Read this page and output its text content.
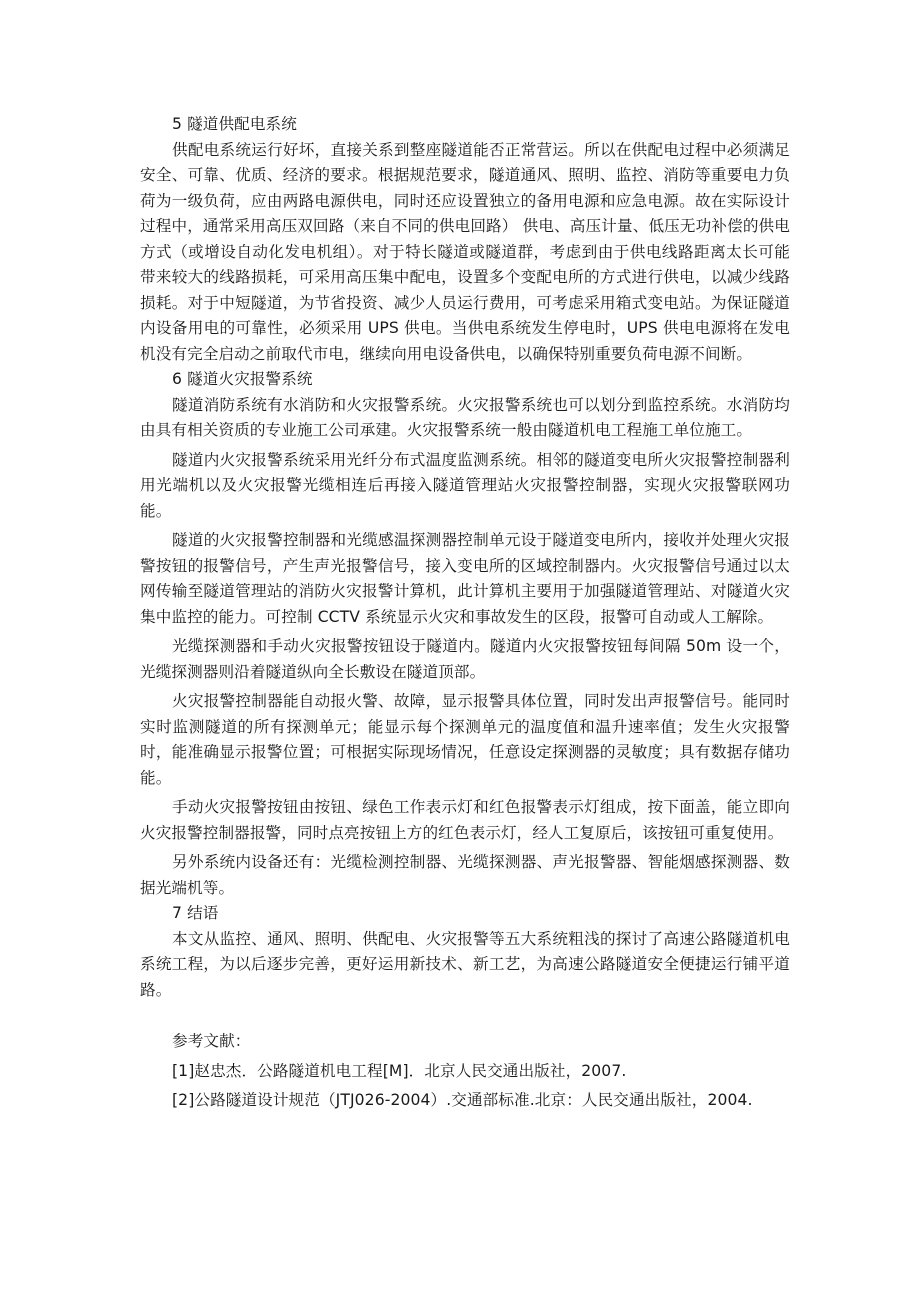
5 隧道供配电系统

供配电系统运行好坏，直接关系到整座隧道能否正常营运。所以在供配电过程中必须满足安全、可靠、优质、经济的要求。根据规范要求，隧道通风、照明、监控、消防等重要电力负荷为一级负荷，应由两路电源供电，同时还应设置独立的备用电源和应急电源。故在实际设计过程中，通常采用高压双回路（来自不同的供电回路） 供电、高压计量、低压无功补偿的供电方式（或增设自动化发电机组）。对于特长隧道或隧道群，考虑到由于供电线路距离太长可能带来较大的线路损耗，可采用高压集中配电，设置多个变配电所的方式进行供电，以减少线路损耗。对于中短隧道，为节省投资、减少人员运行费用，可考虑采用箱式变电站。为保证隧道内设备用电的可靠性，必须采用 UPS 供电。当供电系统发生停电时，UPS 供电电源将在发电机没有完全启动之前取代市电，继续向用电设备供电，以确保特别重要负荷电源不间断。

6 隧道火灾报警系统

隧道消防系统有水消防和火灾报警系统。火灾报警系统也可以划分到监控系统。水消防均由具有相关资质的专业施工公司承建。火灾报警系统一般由隧道机电工程施工单位施工。

隧道内火灾报警系统采用光纤分布式温度监测系统。相邻的隧道变电所火灾报警控制器利用光端机以及火灾报警光缆相连后再接入隧道管理站火灾报警控制器，实现火灾报警联网功能。

隧道的火灾报警控制器和光缆感温探测器控制单元设于隧道变电所内，接收并处理火灾报警按钮的报警信号，产生声光报警信号，接入变电所的区域控制器内。火灾报警信号通过以太网传输至隧道管理站的消防火灾报警计算机，此计算机主要用于加强隧道管理站、对隧道火灾集中监控的能力。可控制 CCTV 系统显示火灾和事故发生的区段，报警可自动或人工解除。

光缆探测器和手动火灾报警按钮设于隧道内。隧道内火灾报警按钮每间隔 50m 设一个，光缆探测器则沿着隧道纵向全长敷设在隧道顶部。

火灾报警控制器能自动报火警、故障，显示报警具体位置，同时发出声报警信号。能同时实时监测隧道的所有探测单元；能显示每个探测单元的温度值和温升速率值；发生火灾报警时，能准确显示报警位置；可根据实际现场情况，任意设定探测器的灵敏度；具有数据存储功能。

手动火灾报警按钮由按钮、绿色工作表示灯和红色报警表示灯组成，按下面盖，能立即向火灾报警控制器报警，同时点亮按钮上方的红色表示灯，经人工复原后，该按钮可重复使用。

另外系统内设备还有：光缆检测控制器、光缆探测器、声光报警器、智能烟感探测器、数据光端机等。

7 结语

本文从监控、通风、照明、供配电、火灾报警等五大系统粗浅的探讨了高速公路隧道机电系统工程，为以后逐步完善，更好运用新技术、新工艺，为高速公路隧道安全便捷运行铺平道路。

参考文献：

[1]赵忠杰．公路隧道机电工程[M]．北京人民交通出版社，2007.

[2]公路隧道设计规范（JTJ026-2004）.交通部标准.北京：人民交通出版社，2004.
